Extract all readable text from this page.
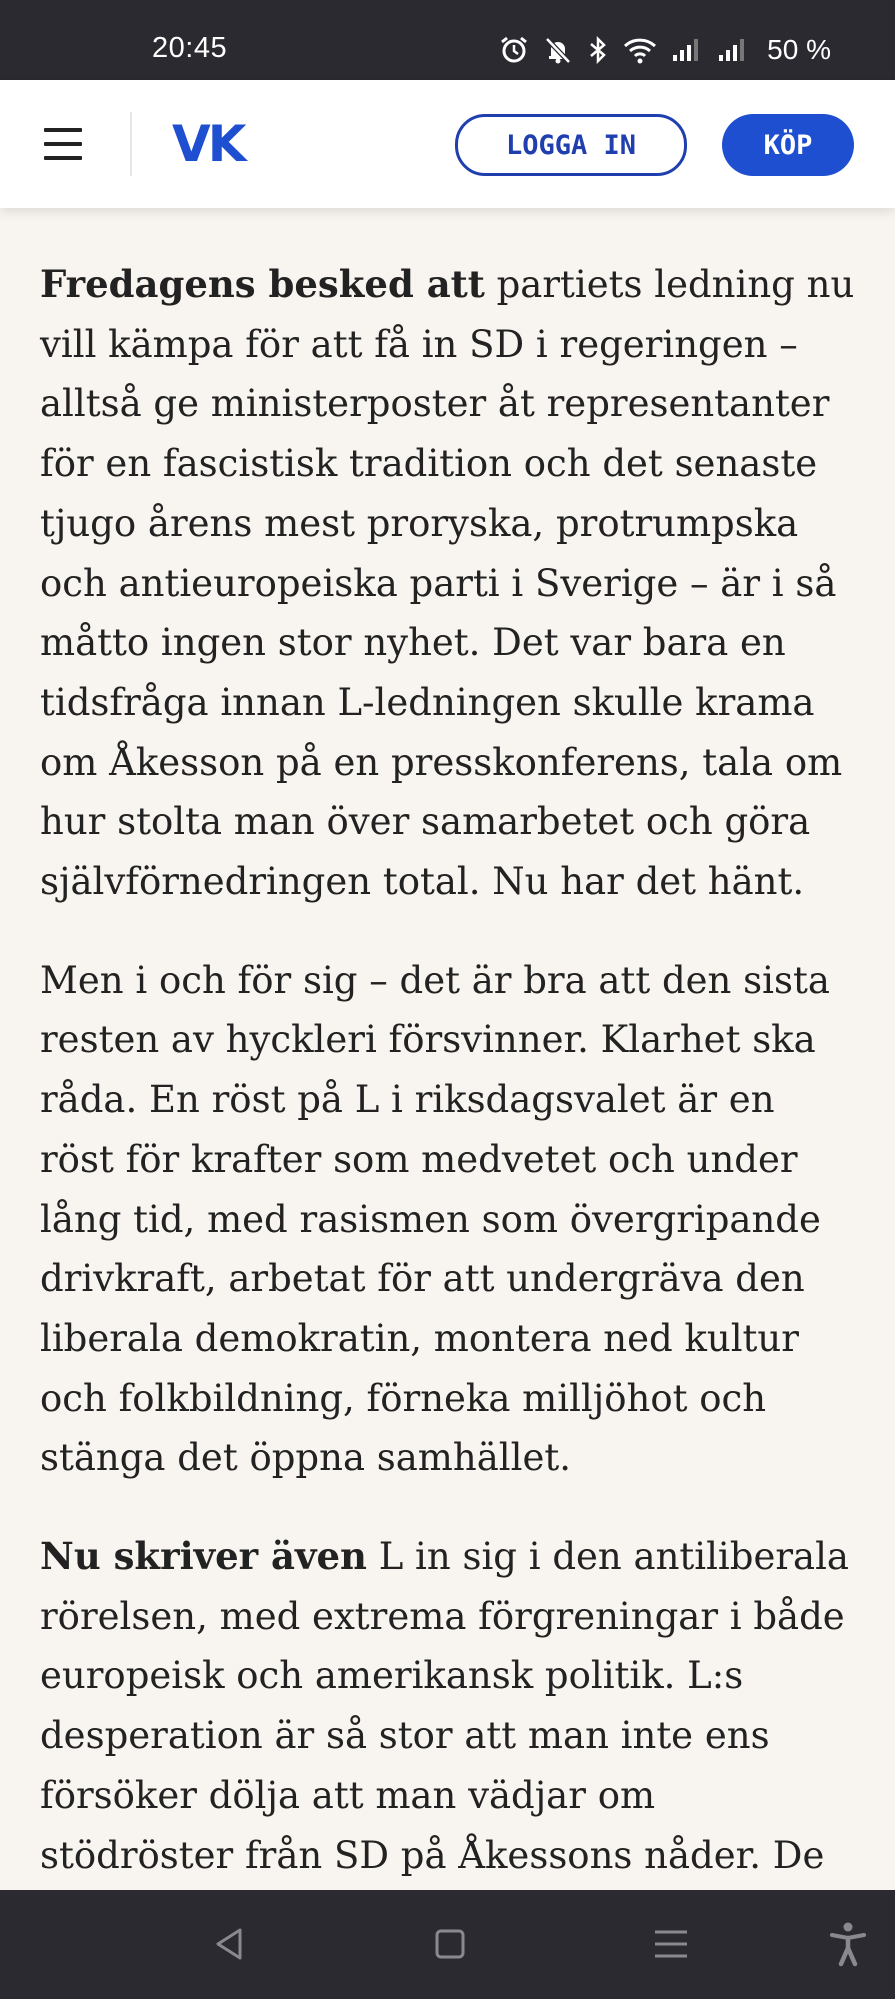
20:45	50 %
VK	LOGGA IN	KÖP

Fredagens besked att partiets ledning nu vill kämpa för att få in SD i regeringen – alltså ge ministerposter åt representanter för en fascistisk tradition och det senaste tjugo årens mest proryska, protrumpska och antieuropeiska parti i Sverige – är i så måtto ingen stor nyhet. Det var bara en tidsfråga innan L-ledningen skulle krama om Åkesson på en presskonferens, tala om hur stolta man över samarbetet och göra självförnedringen total. Nu har det hänt.

Men i och för sig – det är bra att den sista resten av hyckleri försvinner. Klarhet ska råda. En röst på L i riksdagsvalet är en röst för krafter som medvetet och under lång tid, med rasismen som övergripande drivkraft, arbetat för att undergräva den liberala demokratin, montera ned kultur och folkbildning, förneka milljöhot och stänga det öppna samhället.

Nu skriver även L in sig i den antiliberala rörelsen, med extrema förgreningar i både europeisk och amerikansk politik. L:s desperation är så stor att man inte ens försöker dölja att man vädjar om stödröster från SD på Åkessons nåder. De
